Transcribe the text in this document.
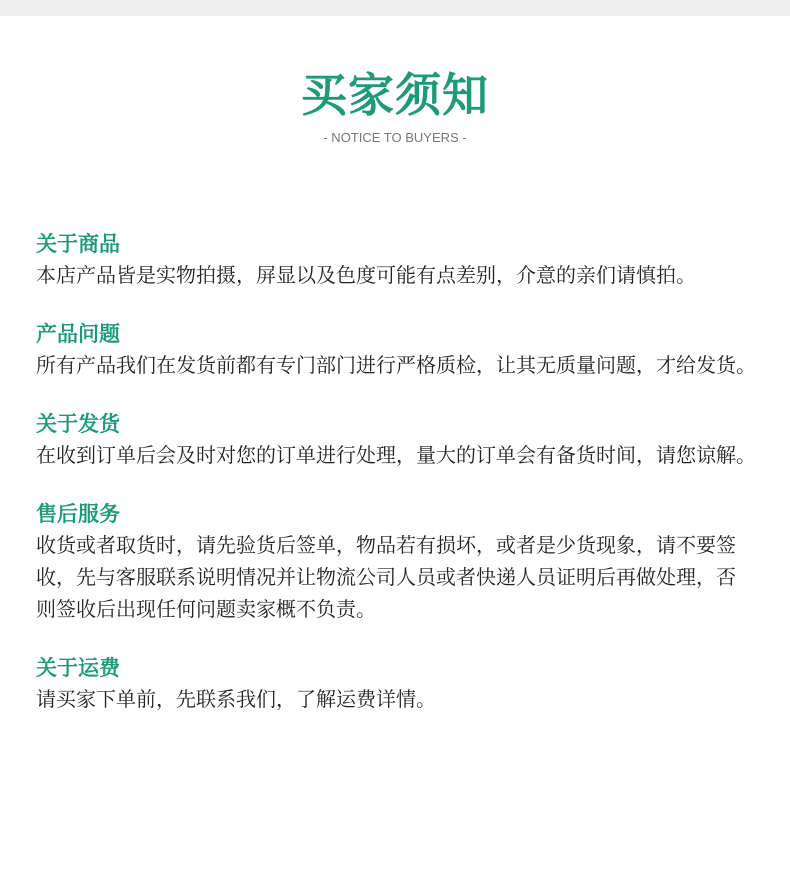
买家须知
- NOTICE TO BUYERS -
关于商品
本店产品皆是实物拍摄，屏显以及色度可能有点差别，介意的亲们请慎拍。
产品问题
所有产品我们在发货前都有专门部门进行严格质检，让其无质量问题，才给发货。
关于发货
在收到订单后会及时对您的订单进行处理，量大的订单会有备货时间，请您谅解。
售后服务
收货或者取货时，请先验货后签单，物品若有损坏，或者是少货现象，请不要签收，先与客服联系说明情况并让物流公司人员或者快递人员证明后再做处理，否 则签收后出现任何问题卖家概不负责。
关于运费
请买家下单前，先联系我们，了解运费详情。
